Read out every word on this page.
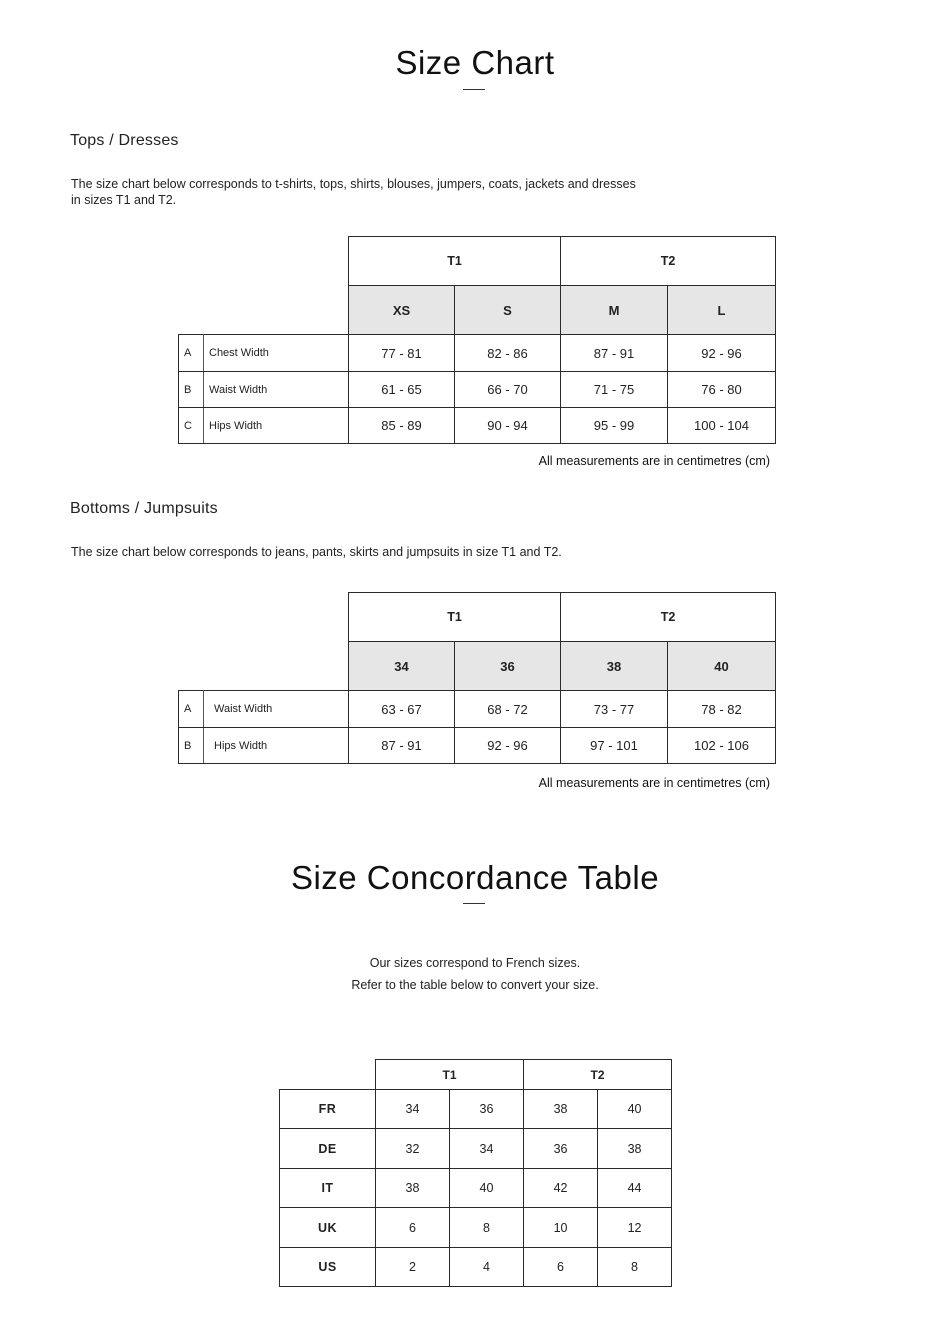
Size Chart
Tops / Dresses
The size chart below corresponds to t-shirts, tops, shirts, blouses, jumpers, coats, jackets and dresses
in sizes T1 and T2.
		T1		T2	
		XS	S	M	L
A	Chest Width	77 - 81	82 - 86	87 - 91	92 - 96
B	Waist Width	61 - 65	66 - 70	71 - 75	76 - 80
C	Hips Width	85 - 89	90 - 94	95 - 99	100 - 104
All measurements are in centimetres (cm)
Bottoms / Jumpsuits
The size chart below corresponds to jeans, pants, skirts and jumpsuits in size T1 and T2.
		T1		T2	
		34	36	38	40
A	Waist Width	63 - 67	68 - 72	73 - 77	78 - 82
B	Hips Width	87 - 91	92 - 96	97 - 101	102 - 106
All measurements are in centimetres (cm)
Size Concordance Table
Our sizes correspond to French sizes.
Refer to the table below to convert your size.
	T1		T2	
FR	34	36	38	40
DE	32	34	36	38
IT	38	40	42	44
UK	6	8	10	12
US	2	4	6	8
